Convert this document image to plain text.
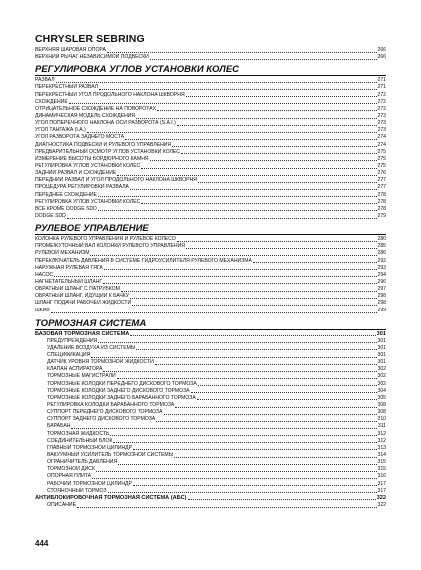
CHRYSLER SEBRING
ВЕРХНЯЯ ШАРОВАЯ ОПОРА	266
ВЕРХНИЙ РЫЧАГ НЕЗАВИСИМОЙ ПОДВЕСКИ	266
РЕГУЛИРОВКА УГЛОВ УСТАНОВКИ КОЛЕС
РАЗВАЛ	271
ПЕРЕКРЕСТНЫЙ РАЗВАЛ	271
ПЕРЕКРЕСТНЫЙ УГОЛ ПРОДОЛЬНОГО НАКЛОНА ШКВОРНЯ	272
СХОЖДЕНИЕ	272
ОТРИЦАТЕЛЬНОЕ СХОЖДЕНИЕ НА ПОВОРОТАХ	272
ДИНАМИЧЕСКАЯ МОДЕЛЬ СХОЖДЕНИЯ	273
УГОЛ ПОПЕРЕЧНОГО НАКЛОНА ОСИ РАЗВОРОТА (S.A.I.)	273
УГОЛ ТАНГАЖА (I.A.)	273
УГОЛ РАЗВОРОТА ЗАДНЕГО МОСТА	274
ДИАГНОСТИКА ПОДВЕСКИ И РУЛЕВОГО УПРАВЛЕНИЯ	274
ПРЕДВАРИТЕЛЬНЫЙ ОСМОТР УГЛОВ УСТАНОВКИ КОЛЕС	275
ИЗМЕРЕНИЕ ВЫСОТЫ БОРДЮРНОГО КАМНЯ	275
РЕГУЛИРОВКА УГЛОВ УСТАНОВКИ КОЛЕС	275
ЗАДНИЙ РАЗВАЛ И СХОЖДЕНИЕ	276
ПЕРЕДНИЙ РАЗВАЛ И УГОЛ ПРОДОЛЬНОГО НАКЛОНА ШКВОРНЯ	277
ПРОЦЕДУРА РЕГУЛИРОВКИ РАЗВАЛА	277
ПЕРЕДНЕЕ СХОЖДЕНИЕ	278
РЕГУЛИРОВКА УГЛОВ УСТАНОВКИ КОЛЕС	278
ВСЕ КРОМЕ DODGE SDD	278
DODGE SDD	279
РУЛЕВОЕ УПРАВЛЕНИЕ
КОЛОНКА РУЛЕВОГО УПРАВЛЕНИЯ И РУЛЕВОЕ КОЛЕСО	280
ПРОМЕЖУТОЧНЫЙ ВАЛ КОЛОНКИ РУЛЕВОГО УПРАВЛЕНИЯ	285
РУЛЕВОЙ МЕХАНИЗМ	286
ПЕРЕКЛЮЧАТЕЛЬ ДАВЛЕНИЯ В СИСТЕМЕ ГИДРОУСИЛИТЕЛЯ РУЛЕВОГО МЕХАНИЗМА	292
НАРУЖНАЯ РУЛЕВАЯ ТЯГА	293
НАСОС	294
НАГНЕТАТЕЛЬНЫЙ ШЛАНГ	296
ОБРАТНЫЙ ШЛАНГ С ПАТРУБКОМ	297
ОБРАТНЫЙ ШЛАНГ, ИДУЩИЙ К БАЧКУ	298
ШЛАНГ ПОДАЧИ РАБОЧЕЙ ЖИДКОСТИ	298
ШКИВ	299
ТОРМОЗНАЯ СИСТЕМА
БАЗОВАЯ ТОРМОЗНАЯ СИСТЕМА	301
ПРЕДУПРЕЖДЕНИЯ	301
УДАЛЕНИЕ ВОЗДУХА ИЗ СИСТЕМЫ	301
СПЕЦИФИКАЦИЯ	301
ДАТЧИК УРОВНЯ ТОРМОЗНОЙ ЖИДКОСТИ	301
КЛАПАН АСПИРАТОРА	302
ТОРМОЗНЫЕ МАГИСТРАЛИ	302
ТОРМОЗНЫЕ КОЛОДКИ ПЕРЕДНЕГО ДИСКОВОГО ТОРМОЗА	302
ТОРМОЗНЫЕ КОЛОДКИ ЗАДНЕГО ДИСКОВОГО ТОРМОЗА	304
ТОРМОЗНЫЕ КОЛОДКИ ЗАДНЕГО БАРАБАННОГО ТОРМОЗА	305
РЕГУЛИРОВКА КОЛОДКИ БАРАБАННОГО ТОРМОЗА	308
СУППОРТ ПЕРЕДНЕГО ДИСКОВОГО ТОРМОЗА	308
СУППОРТ ЗАДНЕГО ДИСКОВОГО ТОРМОЗА	310
БАРАБАН	311
ТОРМОЗНАЯ ЖИДКОСТЬ	312
СОЕДИНИТЕЛЬНЫЙ БЛОК	312
ГЛАВНЫЙ ТОРМОЗНОЙ ЦИЛИНДР	313
ВАКУУМНЫЙ УСИЛИТЕЛЬ ТОРМОЗНОЙ СИСТЕМЫ	314
ОГРАНИЧИТЕЛЬ ДАВЛЕНИЯ	315
ТОРМОЗНОЙ ДИСК	315
ОПОРНАЯ ПЛИТА	316
РАБОЧИЙ ТОРМОЗНОЙ ЦИЛИНДР	317
СТОЯНОЧНЫЙ ТОРМОЗ	317
АНТИБЛОКИРОВОЧНАЯ ТОРМОЗНАЯ СИСТЕМА (АБС)	322
ОПИСАНИЕ	322
444
